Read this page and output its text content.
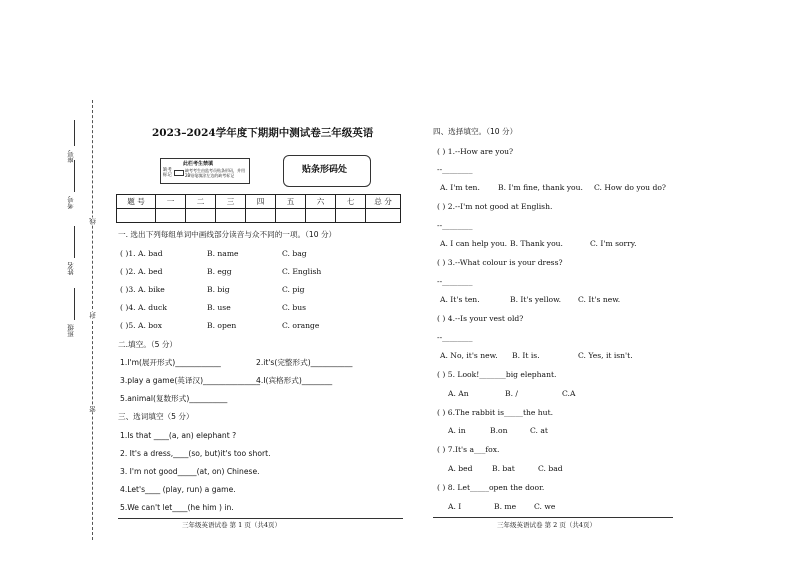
座号
考号
姓名
班级
线
封
密
2023–2024学年度下期期中测试卷三年级英语
此栏考生禁填
缺考
标记
缺考考生由监考员贴条形码，并用2B铅笔填涂左边的缺考标记
贴条形码处
题 号	一	二	三	四	五	六	七	总 分

一. 选出下列每组单词中画线部分读音与众不同的一项。（10 分）
( )1. A. bad	B. name	C. bag
( )2. A. bed	B. egg	C. English
( )3. A. bike	B. big	C. pig
( )4. A. duck	B. use	C. bus
( )5. A. box	B. open	C. orange
二.填空。（5 分）
1.I'm(展开形式)____________	2.it's(完整形式)___________
3.play a game(英译汉)_______________
4.I(宾格形式)________
5.animal(复数形式)__________
三、选词填空（5 分）
1.Is that ____(a, an) elephant ?
2. It's a dress,____(so, but)it's too short.
3. I'm not good_____(at, on) Chinese.
4.Let's____ (play, run) a game.
5.We can't let____(he him ) in.
三年级英语试卷 第 1 页（共4页）
四、选择填空。（10 分）
( ) 1.--How are you?
--________
A. I'm ten. B. I'm fine, thank you. C. How do you do?
( ) 2.--I'm not good at English.
--________
A. I can help you. B. Thank you.	C. I'm sorry.
( ) 3.--What colour is your dress?
--________
A. It's ten.	B. It's yellow. C. It's new.
( ) 4.--Is your vest old?
--________
A. No, it's new. B. It is.	C. Yes, it isn't.
( ) 5. Look!_______big elephant.
A. An	B. /	C.A
( ) 6.The rabbit is_____the hut.
A. in	B.on	C. at
( ) 7.It's a___fox.
A. bed	B. bat	C. bad
( ) 8. Let_____open the door.
A. I	B. me C. we
三年级英语试卷 第 2 页（共4页）
